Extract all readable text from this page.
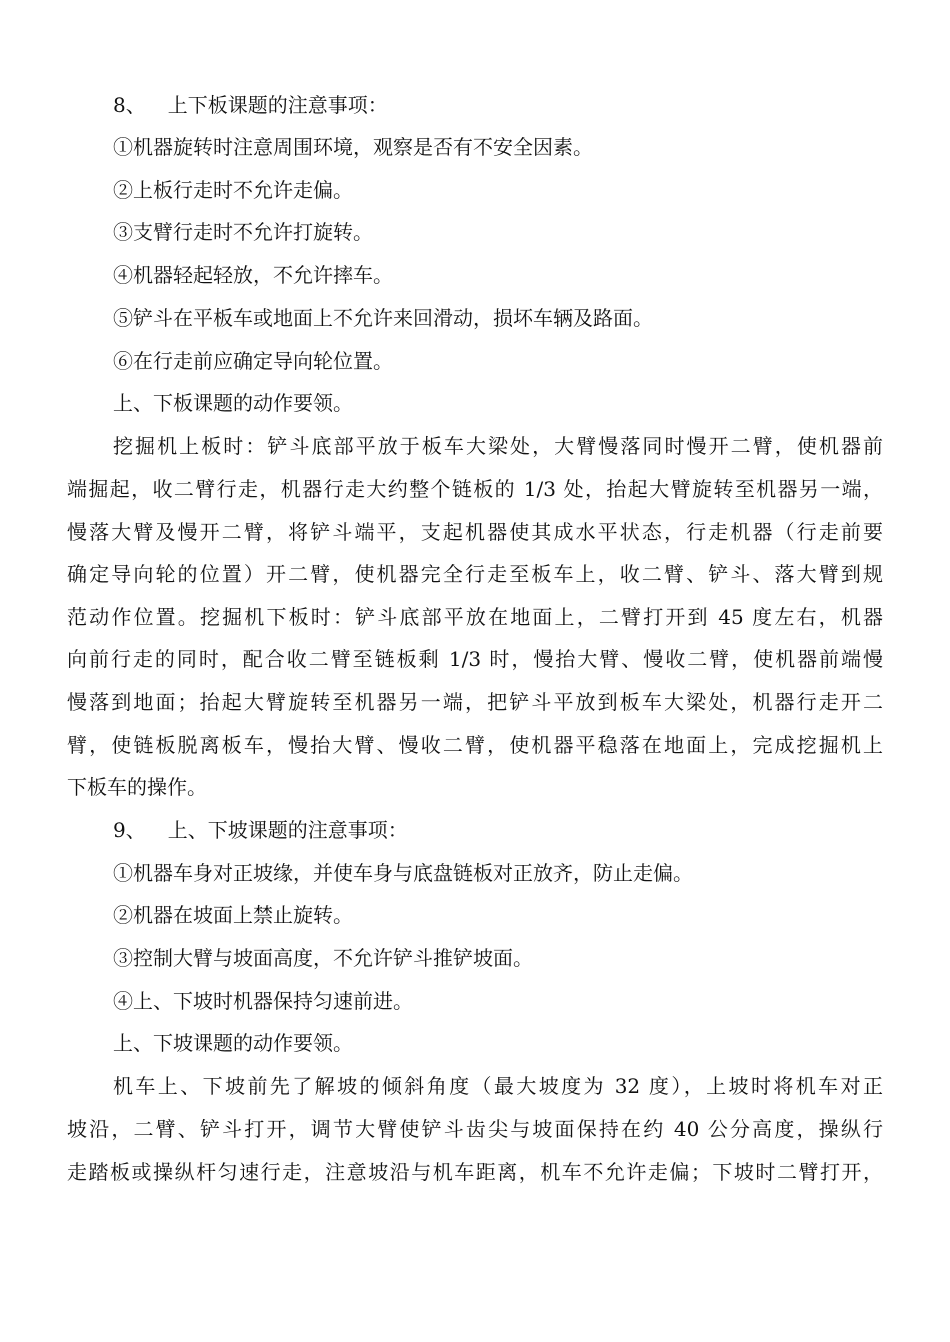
8、 上下板课题的注意事项：
①机器旋转时注意周围环境，观察是否有不安全因素。
②上板行走时不允许走偏。
③支臂行走时不允许打旋转。
④机器轻起轻放，不允许摔车。
⑤铲斗在平板车或地面上不允许来回滑动，损坏车辆及路面。
⑥在行走前应确定导向轮位置。
上、下板课题的动作要领。
挖掘机上板时：铲斗底部平放于板车大梁处，大臂慢落同时慢开二臂，使机器前
端掘起，收二臂行走，机器行走大约整个链板的 1/3 处，抬起大臂旋转至机器另一端，
慢落大臂及慢开二臂，将铲斗端平，支起机器使其成水平状态，行走机器（行走前要
确定导向轮的位置）开二臂，使机器完全行走至板车上，收二臂、铲斗、落大臂到规
范动作位置。挖掘机下板时：铲斗底部平放在地面上，二臂打开到 45 度左右，机器
向前行走的同时，配合收二臂至链板剩 1/3 时，慢抬大臂、慢收二臂，使机器前端慢
慢落到地面；抬起大臂旋转至机器另一端，把铲斗平放到板车大梁处，机器行走开二
臂，使链板脱离板车，慢抬大臂、慢收二臂，使机器平稳落在地面上，完成挖掘机上
下板车的操作。
9、 上、下坡课题的注意事项：
①机器车身对正坡缘，并使车身与底盘链板对正放齐，防止走偏。
②机器在坡面上禁止旋转。
③控制大臂与坡面高度，不允许铲斗推铲坡面。
④上、下坡时机器保持匀速前进。
上、下坡课题的动作要领。
机车上、下坡前先了解坡的倾斜角度（最大坡度为 32 度），上坡时将机车对正
坡沿，二臂、铲斗打开，调节大臂使铲斗齿尖与坡面保持在约 40 公分高度，操纵行
走踏板或操纵杆匀速行走，注意坡沿与机车距离，机车不允许走偏；下坡时二臂打开，
